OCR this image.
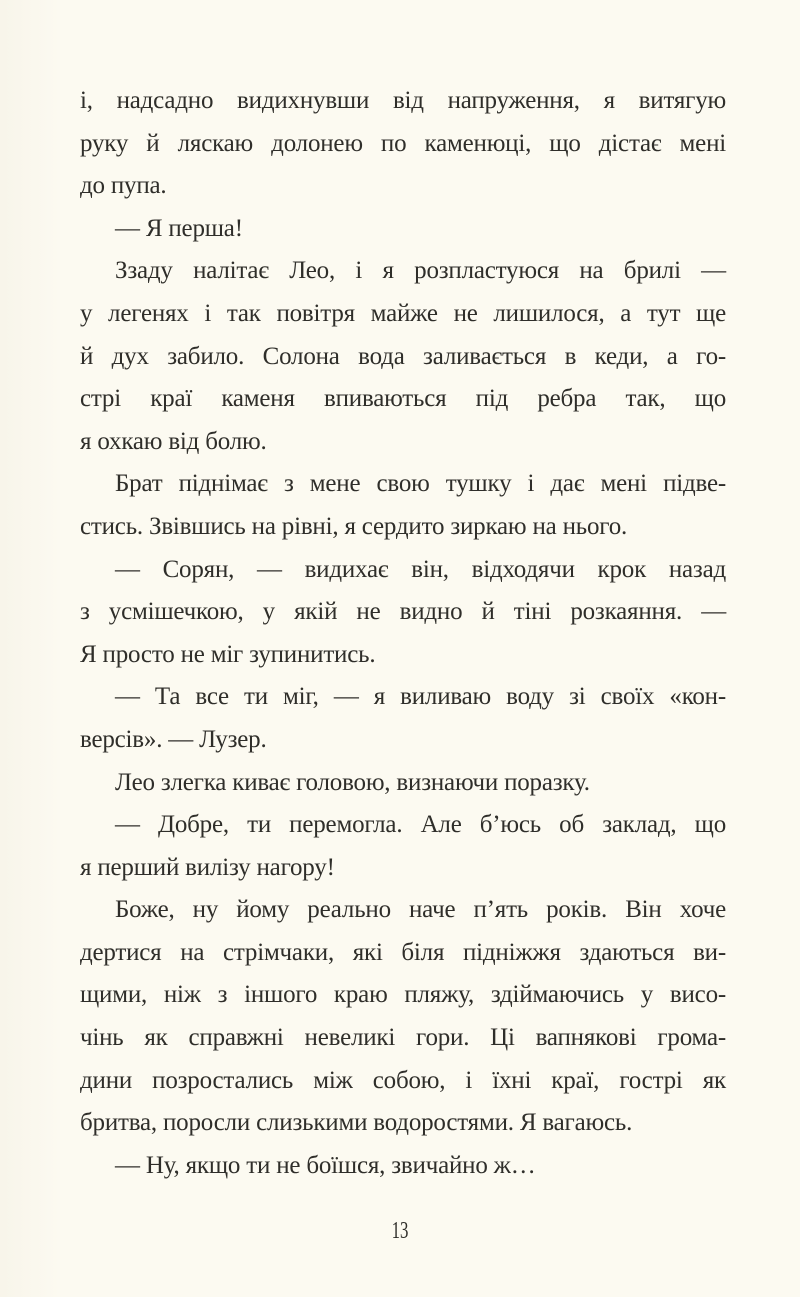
і, надсадно видихнувши від напруження, я витягую
руку й ляскаю долонею по каменюці, що дістає мені
до пупа.
— Я перша!
Ззаду налітає Лео, і я розпластуюся на брилі —
у легенях і так повітря майже не лишилося, а тут ще
й дух забило. Солона вода заливається в кеди, а го-
стрі краї каменя впиваються під ребра так, що
я охкаю від болю.
Брат піднімає з мене свою тушку і дає мені підве-
стись. Звівшись на рівні, я сердито зиркаю на нього.
— Сорян, — видихає він, відходячи крок назад
з усмішечкою, у якій не видно й тіні розкаяння. —
Я просто не міг зупинитись.
— Та все ти міг, — я виливаю воду зі своїх «кон-
версів». — Лузер.
Лео злегка киває головою, визнаючи поразку.
— Добре, ти перемогла. Але б’юсь об заклад, що
я перший вилізу нагору!
Боже, ну йому реально наче п’ять років. Він хоче
дертися на стрімчаки, які біля підніжжя здаються ви-
щими, ніж з іншого краю пляжу, здіймаючись у висо-
чінь як справжні невеликі гори. Ці вапнякові грома-
дини позростались між собою, і їхні краї, гострі як
бритва, поросли слизькими водоростями. Я вагаюсь.
— Ну, якщо ти не боїшся, звичайно ж…
13
